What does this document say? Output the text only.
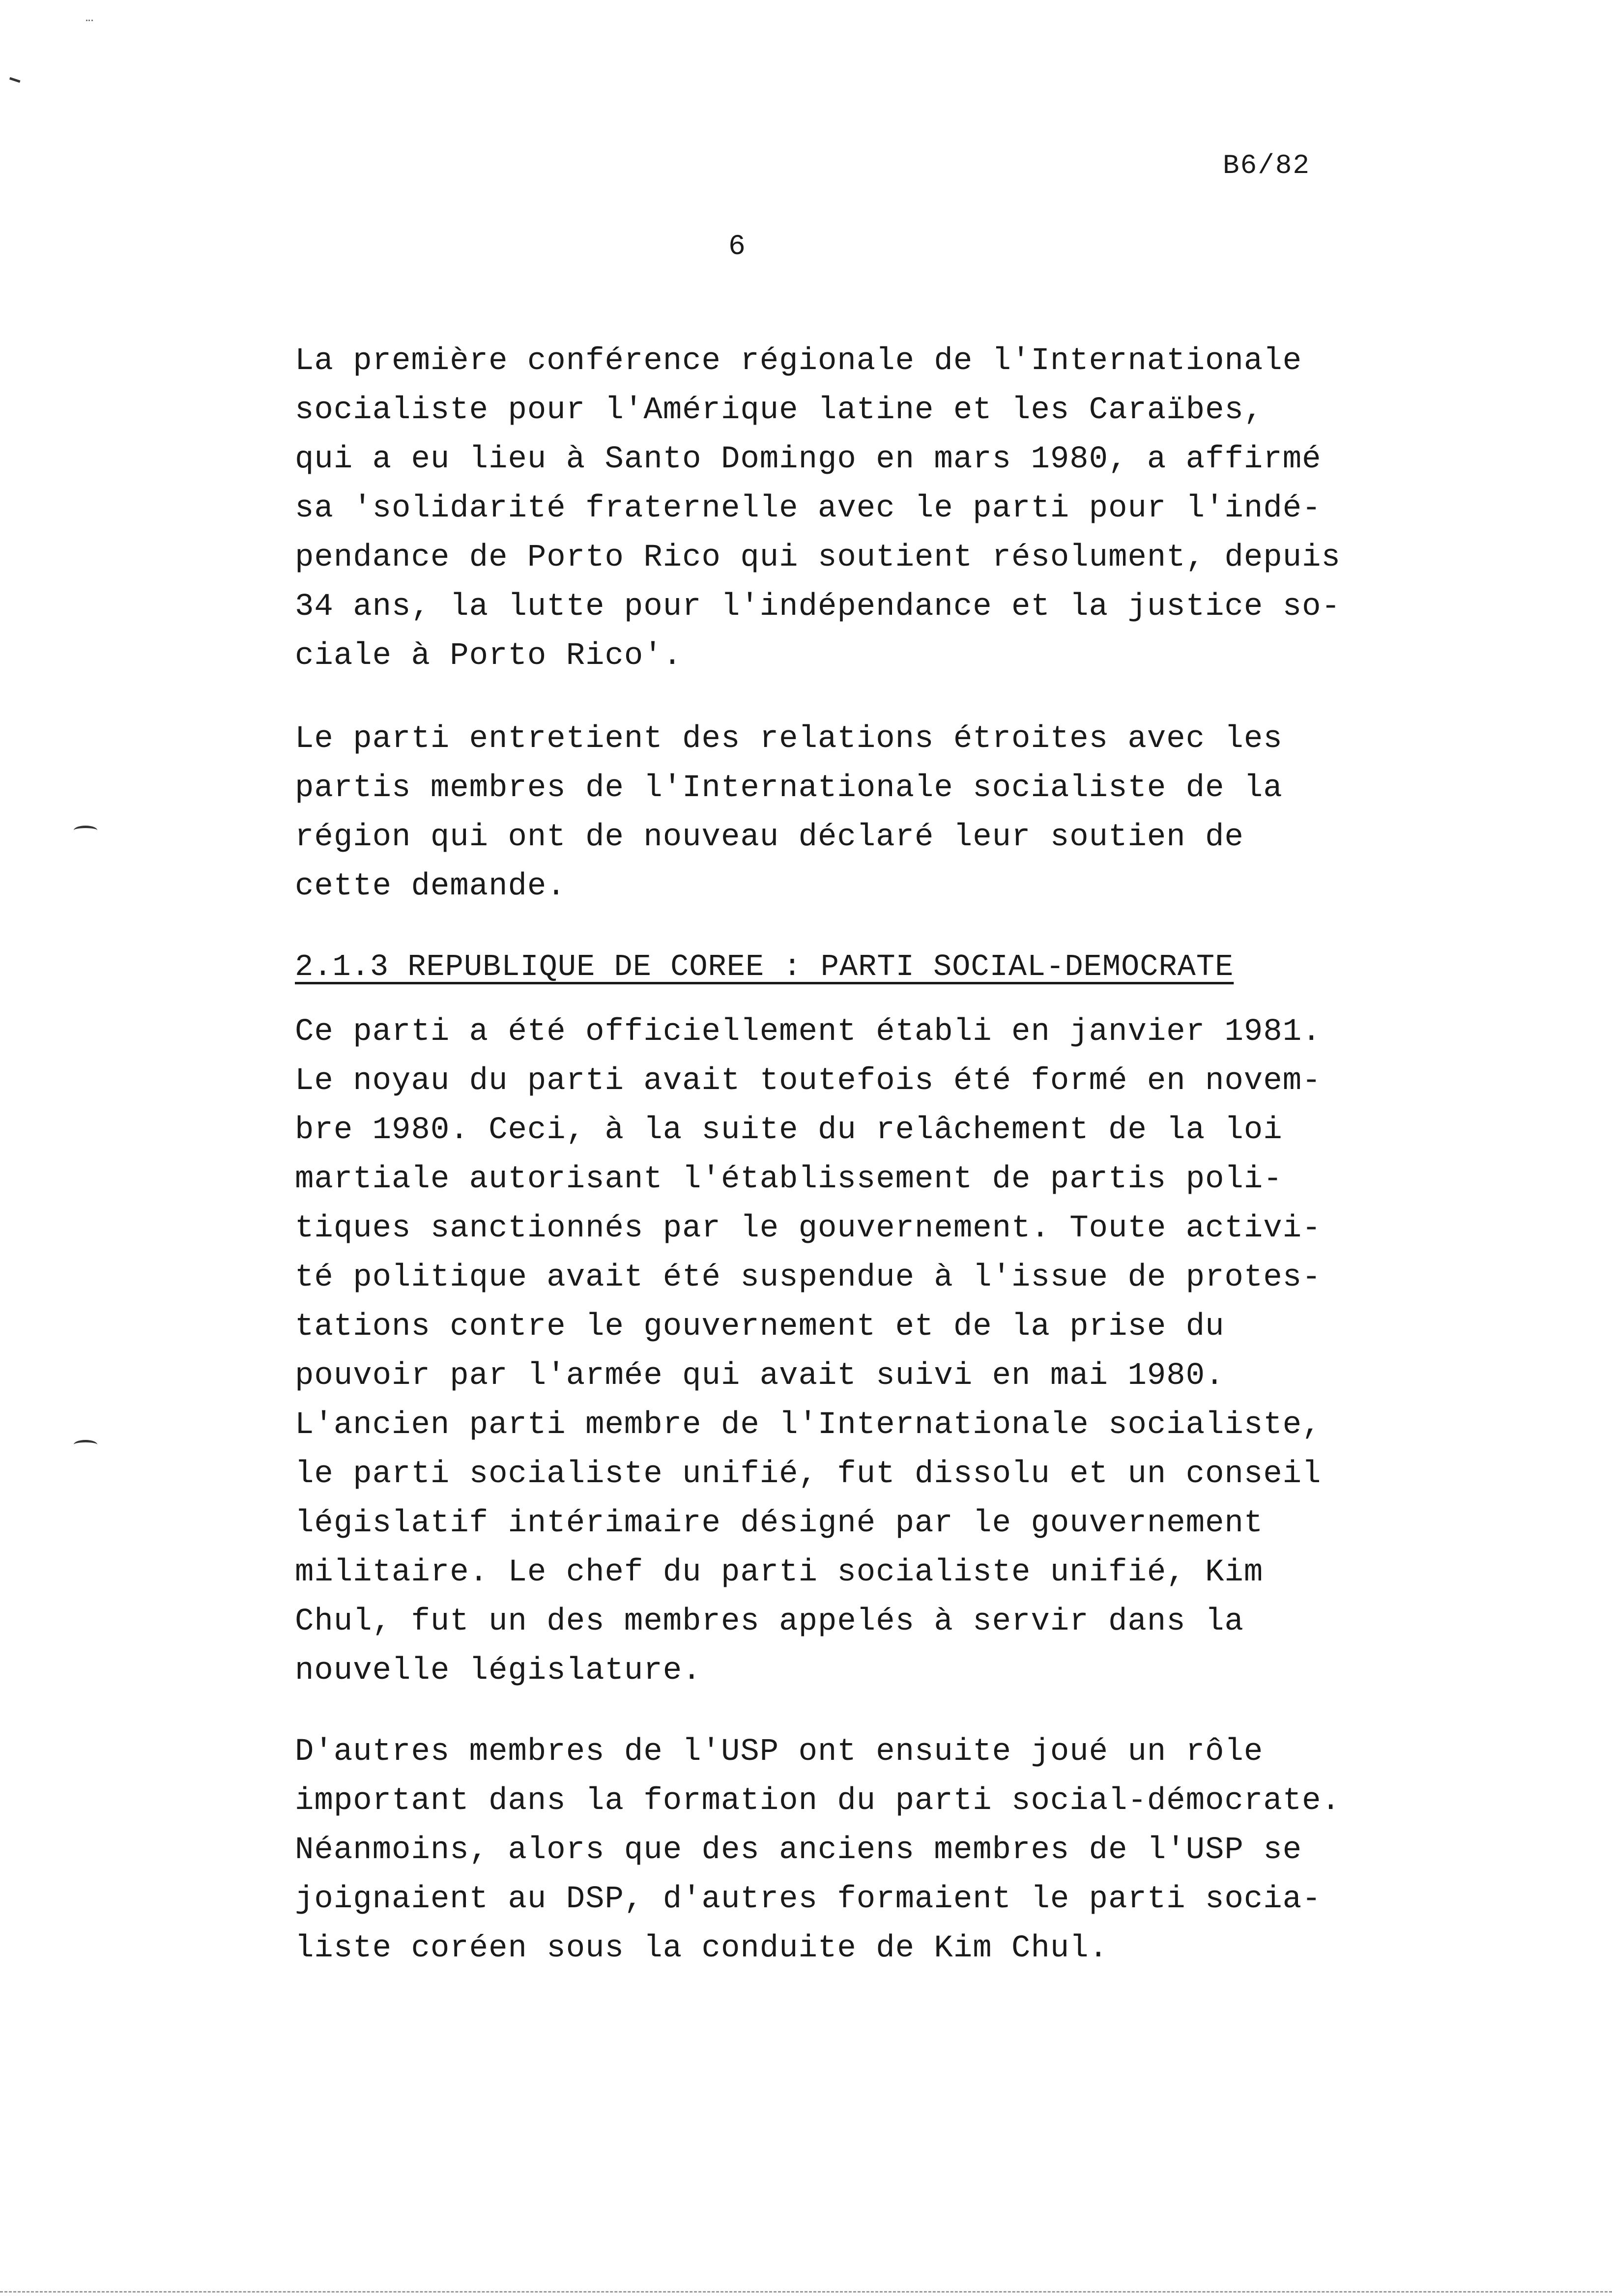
B6/82
6
La première conférence régionale de l'Internationale
socialiste pour l'Amérique latine et les Caraïbes,
qui a eu lieu à Santo Domingo en mars 1980, a affirmé
sa 'solidarité fraternelle avec le parti pour l'indé-
pendance de Porto Rico qui soutient résolument, depuis
34 ans, la lutte pour l'indépendance et la justice so-
ciale à Porto Rico'.
Le parti entretient des relations étroites avec les
partis membres de l'Internationale socialiste de la
région qui ont de nouveau déclaré leur soutien de
cette demande.
2.1.3 REPUBLIQUE DE COREE : PARTI SOCIAL-DEMOCRATE
Ce parti a été officiellement établi en janvier 1981.
Le noyau du parti avait toutefois été formé en novem-
bre 1980. Ceci, à la suite du relâchement de la loi
martiale autorisant l'établissement de partis poli-
tiques sanctionnés par le gouvernement. Toute activi-
té politique avait été suspendue à l'issue de protes-
tations contre le gouvernement et de la prise du
pouvoir par l'armée qui avait suivi en mai 1980.
L'ancien parti membre de l'Internationale socialiste,
le parti socialiste unifié, fut dissolu et un conseil
législatif intérimaire désigné par le gouvernement
militaire. Le chef du parti socialiste unifié, Kim
Chul, fut un des membres appelés à servir dans la
nouvelle législature.
D'autres membres de l'USP ont ensuite joué un rôle
important dans la formation du parti social-démocrate.
Néanmoins, alors que des anciens membres de l'USP se
joignaient au DSP, d'autres formaient le parti socia-
liste coréen sous la conduite de Kim Chul.
